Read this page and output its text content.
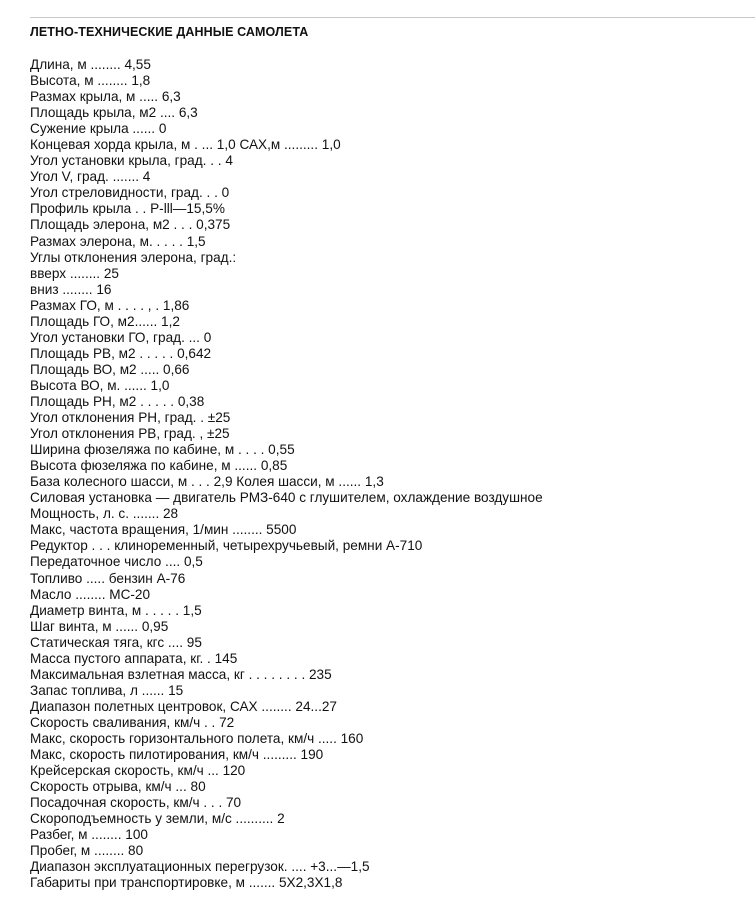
ЛЕТНО-ТЕХНИЧЕСКИЕ ДАННЫЕ САМОЛЕТА
Длина, м ........ 4,55
Высота, м ........ 1,8
Размах крыла, м ..... 6,3
Площадь крыла, м2 .... 6,3
Сужение крыла ...... 0
Концевая хорда крыла, м . ... 1,0 САХ,м ......... 1,0
Угол установки крыла, град. . . 4
Угол V, град. ....... 4
Угол стреловидности, град. . . 0
Профиль крыла . . P-lll—15,5%
Площадь элерона, м2 . . . 0,375
Размах элерона, м. . . . . 1,5
Углы отклонения элерона, град.:
вверх ........ 25
вниз ........ 16
Размах ГО, м . . . . , . 1,86
Площадь ГО, м2...... 1,2
Угол установки ГО, град. ... 0
Площадь РВ, м2 . . . . . 0,642
Площадь ВО, м2 ..... 0,66
Высота ВО, м. ...... 1,0
Площадь РН, м2 . . . . . 0,38
Угол отклонения РН, град. . ±25
Угол отклонения РВ, град. , ±25
Ширина фюзеляжа по кабине, м . . . . 0,55
Высота фюзеляжа по кабине, м ...... 0,85
База колесного шасси, м . . . 2,9 Колея шасси, м ...... 1,3
Силовая установка — двигатель РМЗ-640 с глушителем, охлаждение воздушное
Мощность, л. с. ....... 28
Макс, частота вращения, 1/мин ........ 5500
Редуктор . . . клиноременный, четырехручьевый, ремни А-710
Передаточное число .... 0,5
Топливо ..... бензин А-76
Масло ........ МС-20
Диаметр винта, м . . . . . 1,5
Шаг винта, м ...... 0,95
Статическая тяга, кгс .... 95
Масса пустого аппарата, кг. . 145
Максимальная взлетная масса, кг . . . . . . . . 235
Запас топлива, л ...... 15
Диапазон полетных центровок, САХ ........ 24...27
Скорость сваливания, км/ч . . 72
Макс, скорость горизонтального полета, км/ч ..... 160
Макс, скорость пилотирования, км/ч ......... 190
Крейсерская скорость, км/ч ... 120
Скорость отрыва, км/ч ... 80
Посадочная скорость, км/ч . . . 70
Скороподъемность у земли, м/с .......... 2
Разбег, м ........ 100
Пробег, м ........ 80
Диапазон эксплуатационных перегрузок. .... +3...—1,5
Габариты при транспортировке, м ....... 5X2,3X1,8
